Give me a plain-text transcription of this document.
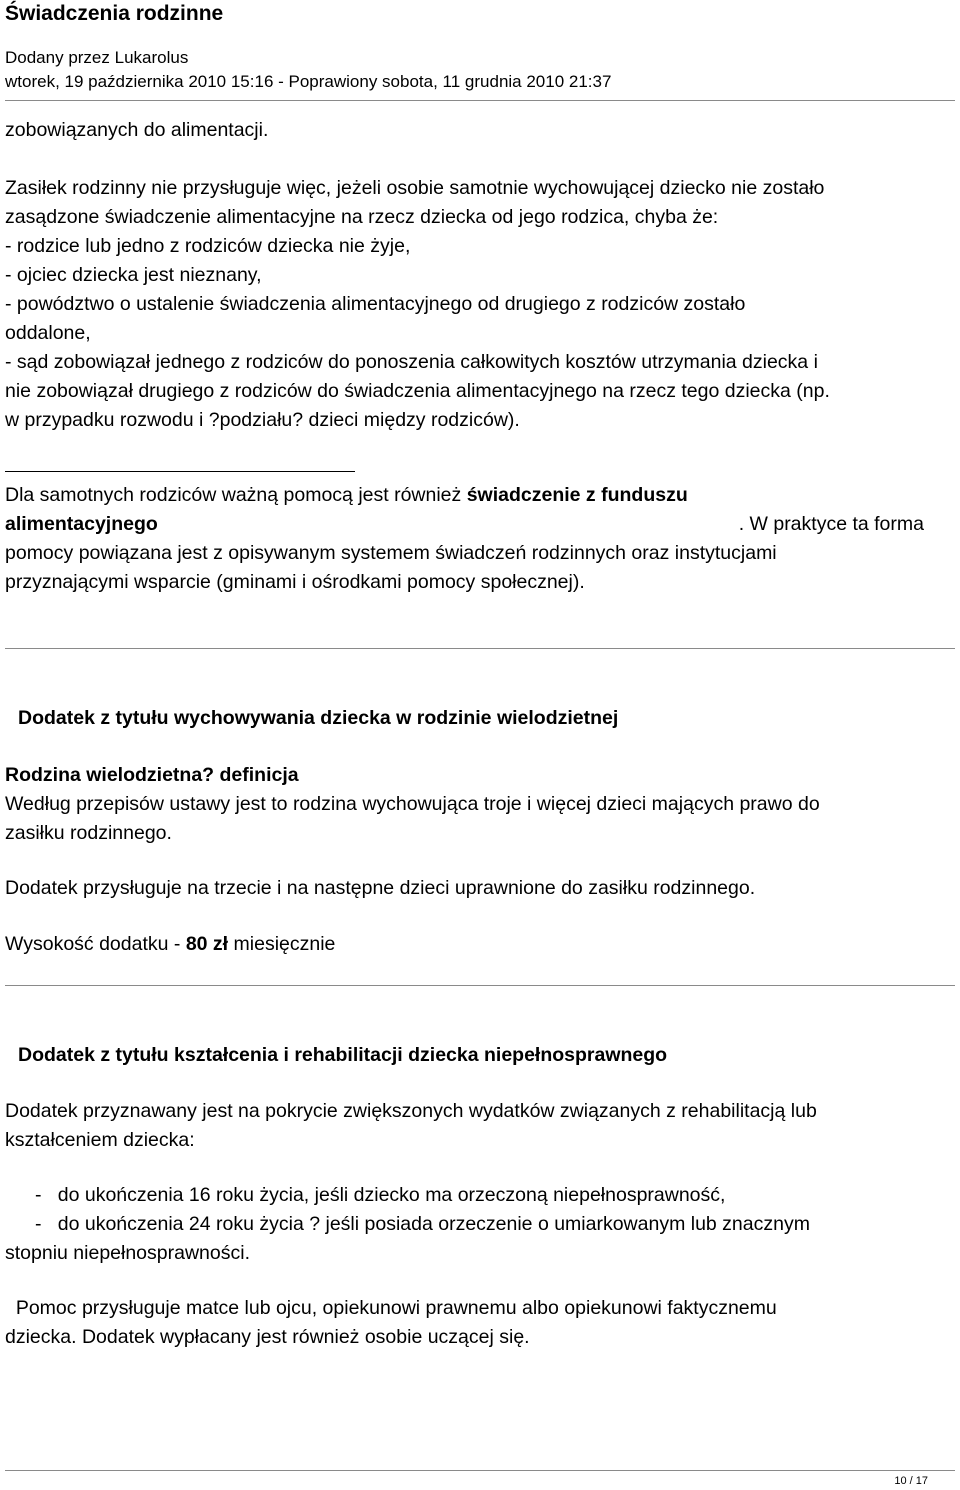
Świadczenia rodzinne
Dodany przez Lukarolus
wtorek, 19 października 2010 15:16 - Poprawiony sobota, 11 grudnia 2010 21:37
zobowiązanych do alimentacji.
Zasiłek rodzinny nie przysługuje więc, jeżeli osobie samotnie wychowującej dziecko nie zostało
zasądzone świadczenie alimentacyjne na rzecz dziecka od jego rodzica, chyba że:
- rodzice lub jedno z rodziców dziecka nie żyje,
- ojciec dziecka jest nieznany,
- powództwo o ustalenie świadczenia alimentacyjnego od drugiego z rodziców zostało
oddalone,
- sąd zobowiązał jednego z rodziców do ponoszenia całkowitych kosztów utrzymania dziecka i
nie zobowiązał drugiego z rodziców do świadczenia alimentacyjnego na rzecz tego dziecka (np.
w przypadku rozwodu i ?podziału? dzieci między rodziców).
Dla samotnych rodziców ważną pomocą jest również świadczenie z funduszu
alimentacyjnego	. W praktyce ta forma
pomocy powiązana jest z opisywanym systemem świadczeń rodzinnych oraz instytucjami
przyznającymi wsparcie (gminami i ośrodkami pomocy społecznej).
Dodatek z tytułu wychowywania dziecka w rodzinie wielodzietnej
Rodzina wielodzietna? definicja
Według przepisów ustawy jest to rodzina wychowująca troje i więcej dzieci mających prawo do
zasiłku rodzinnego.
Dodatek przysługuje na trzecie i na następne dzieci uprawnione do zasiłku rodzinnego.
Wysokość dodatku - 80 zł miesięcznie
Dodatek z tytułu kształcenia i rehabilitacji dziecka niepełnosprawnego
Dodatek przyznawany jest na pokrycie zwiększonych wydatków związanych z rehabilitacją lub
kształceniem dziecka:
-   do ukończenia 16 roku życia, jeśli dziecko ma orzeczoną niepełnosprawność,
-   do ukończenia 24 roku życia ? jeśli posiada orzeczenie o umiarkowanym lub znacznym
stopniu niepełnosprawności.
Pomoc przysługuje matce lub ojcu, opiekunowi prawnemu albo opiekunowi faktycznemu
dziecka. Dodatek wypłacany jest również osobie uczącej się.
10 / 17
